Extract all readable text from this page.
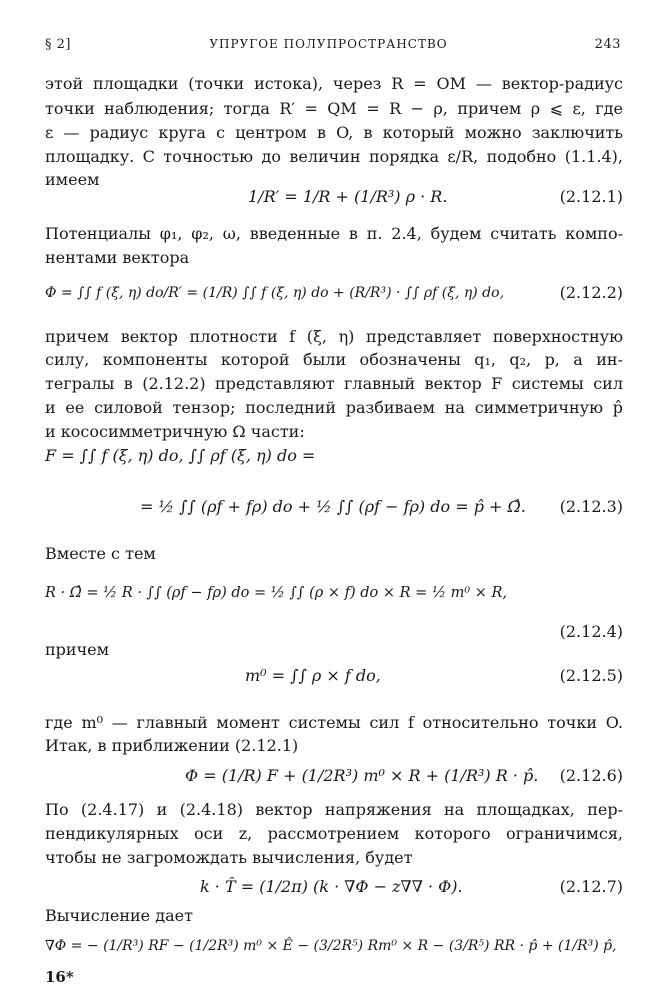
§ 2]	УПРУГОЕ ПОЛУПРОСТРАНСТВО	243
этой площадки (точки истока), через R = OM — вектор-радиус
точки наблюдения; тогда R′ = QM = R − ρ, причем ρ ⩽ ε, где
ε — радиус круга с центром в O, в который можно заключить
площадку. С точностью до величин порядка ε/R, подобно (1.1.4),
имеем
1/R′ = 1/R + (1/R³) ρ · R.	(2.12.1)
Потенциалы φ₁, φ₂, ω, введенные в п. 2.4, будем считать компо-
нентами вектора
Φ = ∫∫ f (ξ, η) do/R′ = (1/R) ∫∫ f (ξ, η) do + (R/R³) · ∫∫ ρf (ξ, η) do,	(2.12.2)
причем вектор плотности f (ξ, η) представляет поверхностную
силу, компоненты которой были обозначены q₁, q₂, p, а ин-
тегралы в (2.12.2) представляют главный вектор F системы сил
и ее силовой тензор; последний разбиваем на симметричную p̂
и кососимметричную Ω части:
F = ∫∫ f (ξ, η) do, ∫∫ ρf (ξ, η) do =
= ½ ∫∫ (ρf + fρ) do + ½ ∫∫ (ρf − fρ) do = p̂ + Ω̂. (2.12.3)
Вместе с тем
R · Ω̂ = ½ R · ∫∫ (ρf − fρ) do = ½ ∫∫ (ρ × f) do × R = ½ m⁰ × R,
(2.12.4)
причем
m⁰ = ∫∫ ρ × f do,	(2.12.5)
где m⁰ — главный момент системы сил f относительно точки O.
Итак, в приближении (2.12.1)
Φ = (1/R) F + (1/2R³) m⁰ × R + (1/R³) R · p̂. (2.12.6)
По (2.4.17) и (2.4.18) вектор напряжения на площадках, пер-
пендикулярных оси z, рассмотрением которого ограничимся,
чтобы не загромождать вычисления, будет
k · T̂ = (1/2π) (k · ∇Φ − z∇∇ · Φ).	(2.12.7)
Вычисление дает
∇Φ = − (1/R³) RF − (1/2R³) m⁰ × Ê − (3/2R⁵) Rm⁰ × R − (3/R⁵) RR · p̂ + (1/R³) p̂,
16*
